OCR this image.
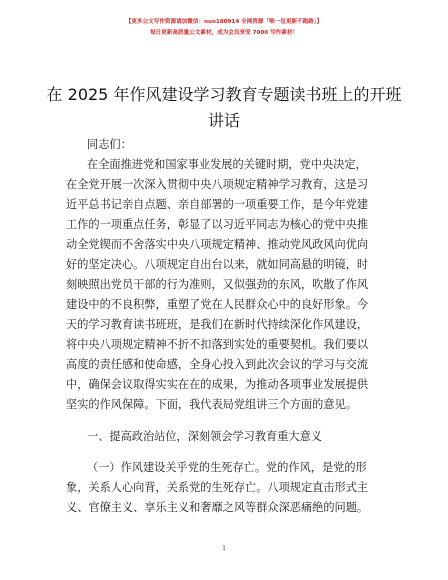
【更多公文写作资源请加微信：nuo180914 全网资源「唯一包更新不跑路」】
每日更新高质量公文素材，成为会员享受 7000 写作素材！
在 2025 年作风建设学习教育专题读书班上的开班讲话
同志们：
在全面推进党和国家事业发展的关键时期，党中央决定，
在全党开展一次深入贯彻中央八项规定精神学习教育，这是习
近平总书记亲自点题、亲自部署的一项重要工作，是今年党建
工作的一项重点任务，彰显了以习近平同志为核心的党中央推
动全党锲而不舍落实中央八项规定精神、推动党风政风向优向
好的坚定决心。八项规定自出台以来，就如同高悬的明镜，时
刻映照出党员干部的行为准则，又似强劲的东风，吹散了作风
建设中的不良积弊，重塑了党在人民群众心中的良好形象。今
天的学习教育读书班班，是我们在新时代持续深化作风建设，
将中央八项规定精神不折不扣落到实处的重要契机。我们要以
高度的责任感和使命感，全身心投入到此次会议的学习与交流
中，确保会议取得实实在在的成果，为推动各项事业发展提供
坚实的作风保障。下面，我代表局党组讲三个方面的意见。
一、提高政治站位，深刻领会学习教育重大意义
（一）作风建设关乎党的生死存亡。党的作风，是党的形
象，关系人心向背，关系党的生死存亡。八项规定直击形式主
义、官僚主义、享乐主义和奢靡之风等群众深恶痛绝的问题。
1
